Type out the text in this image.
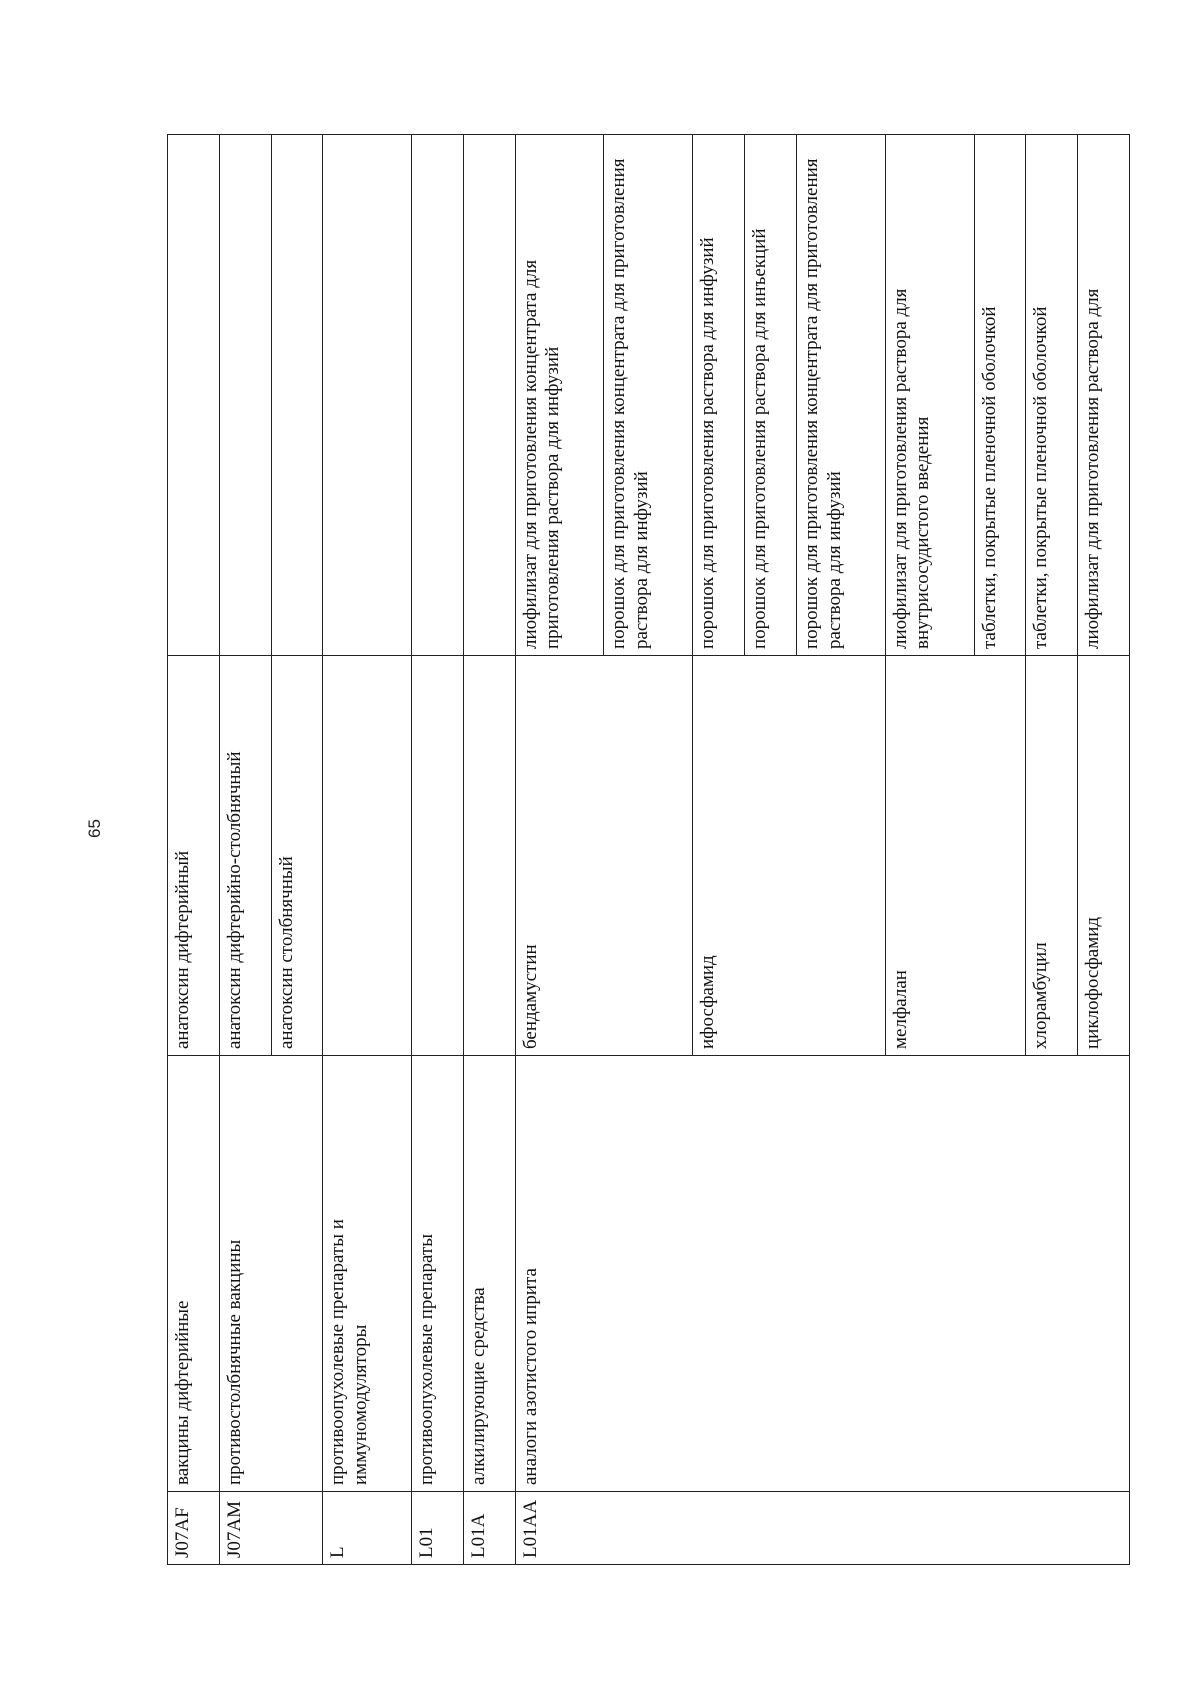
65
J07AF	вакцины дифтерийные	анатоксин дифтерийный	
J07AM	противостолбнячные вакцины	анатоксин дифтерийно-столбнячный	
		анатоксин столбнячный	
L	противоопухолевые препараты и иммуномодуляторы		
L01	противоопухолевые препараты		
L01A	алкилирующие средства		
L01AA	аналоги азотистого иприта	бендамустин	лиофилизат для приготовления концентрата для приготовления раствора для инфузий
			порошок для приготовления концентрата для приготовления раствора для инфузий
		ифосфамид	порошок для приготовления раствора для инфузий
			порошок для приготовления раствора для инъекций
			порошок для приготовления концентрата для приготовления раствора для инфузий
		мелфалан	лиофилизат для приготовления раствора для внутрисосудистого введения
			таблетки, покрытые пленочной оболочкой
		хлорамбуцил	таблетки, покрытые пленочной оболочкой
		циклофосфамид	лиофилизат для приготовления раствора для
